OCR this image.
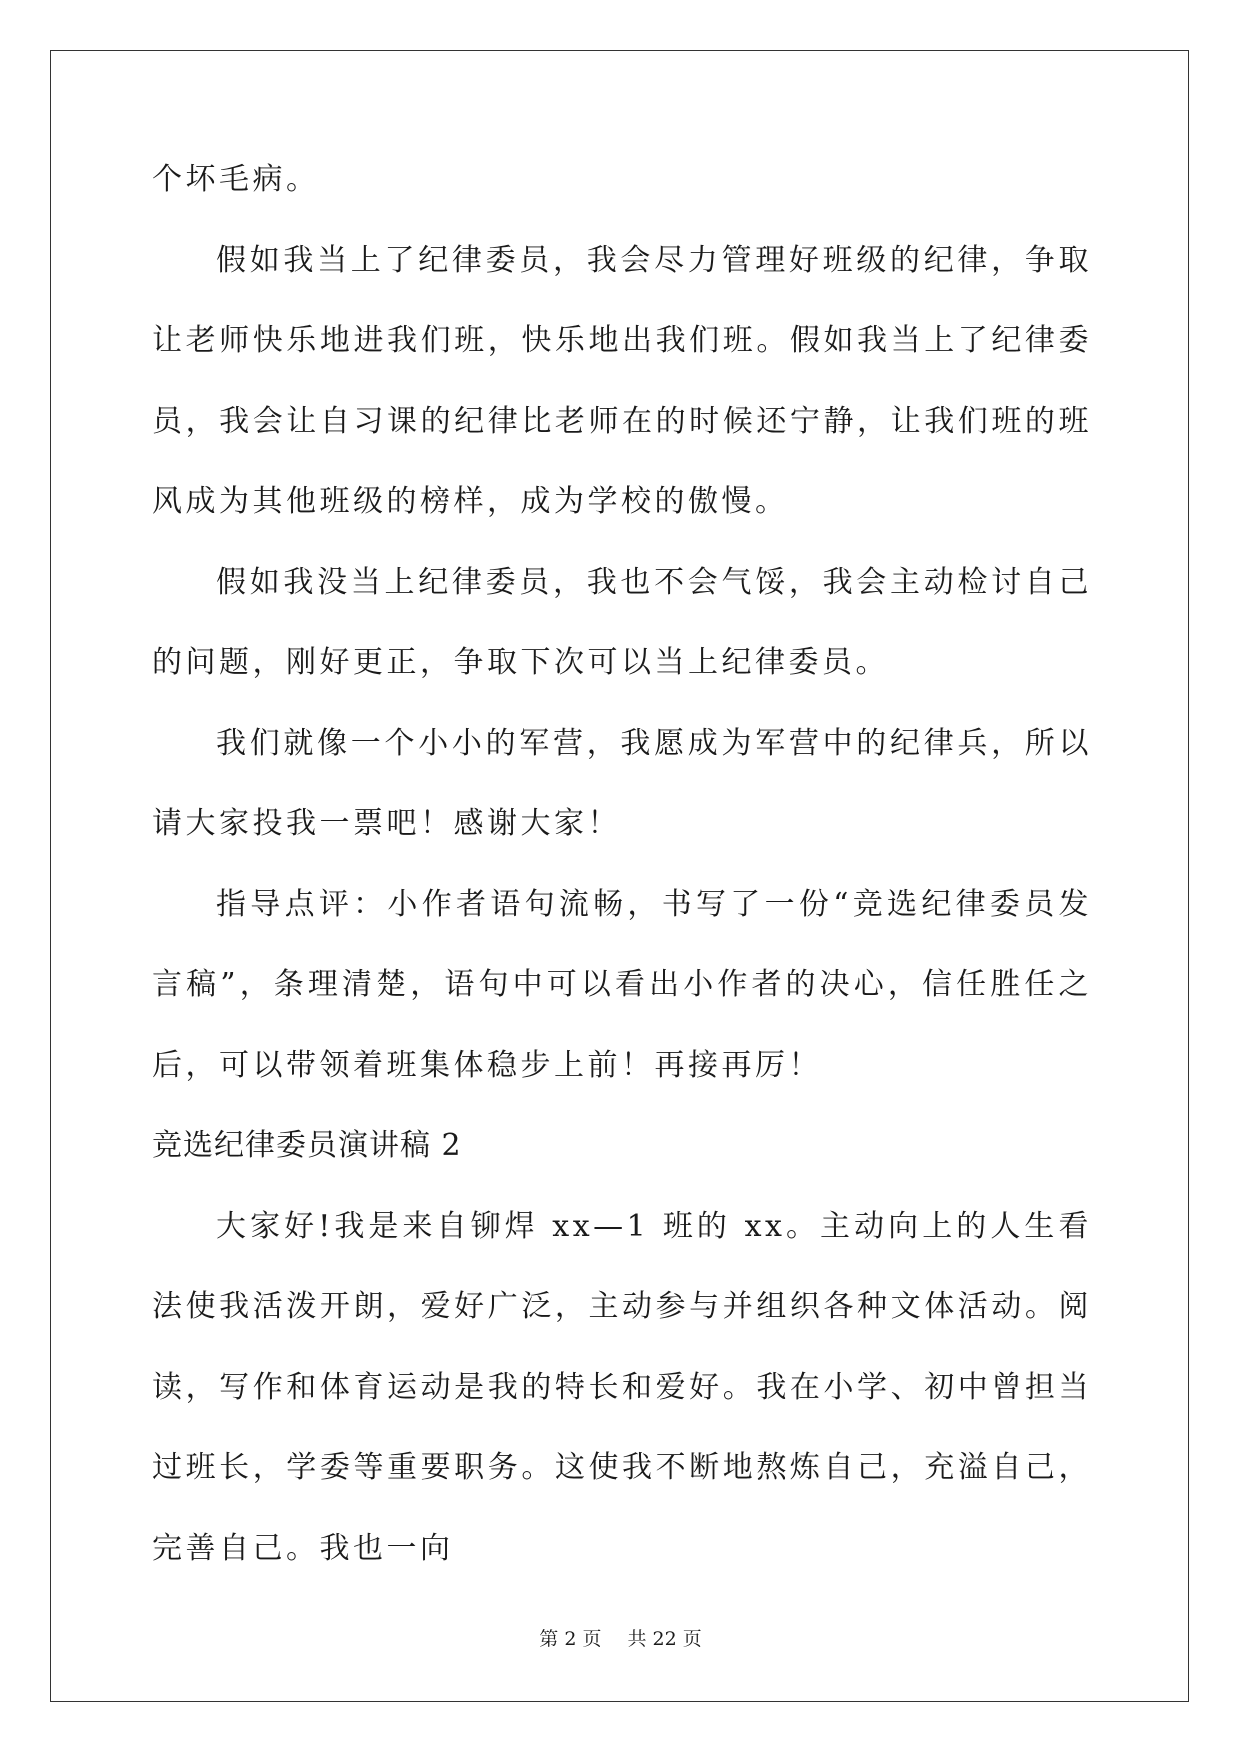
个坏毛病。

假如我当上了纪律委员，我会尽力管理好班级的纪律，争取让老师快乐地进我们班，快乐地出我们班。假如我当上了纪律委员，我会让自习课的纪律比老师在的时候还宁静，让我们班的班风成为其他班级的榜样，成为学校的傲慢。

假如我没当上纪律委员，我也不会气馁，我会主动检讨自己的问题，刚好更正，争取下次可以当上纪律委员。

我们就像一个小小的军营，我愿成为军营中的纪律兵，所以请大家投我一票吧！感谢大家！

指导点评：小作者语句流畅，书写了一份“竞选纪律委员发言稿”，条理清楚，语句中可以看出小作者的决心，信任胜任之后，可以带领着班集体稳步上前！再接再厉！

竞选纪律委员演讲稿 2

大家好!我是来自铆焊 xx—1 班的 xx。主动向上的人生看法使我活泼开朗，爱好广泛，主动参与并组织各种文体活动。阅读，写作和体育运动是我的特长和爱好。我在小学、初中曾担当过班长，学委等重要职务。这使我不断地熬炼自己，充溢自己，完善自己。我也一向

第 2 页 共 22 页
